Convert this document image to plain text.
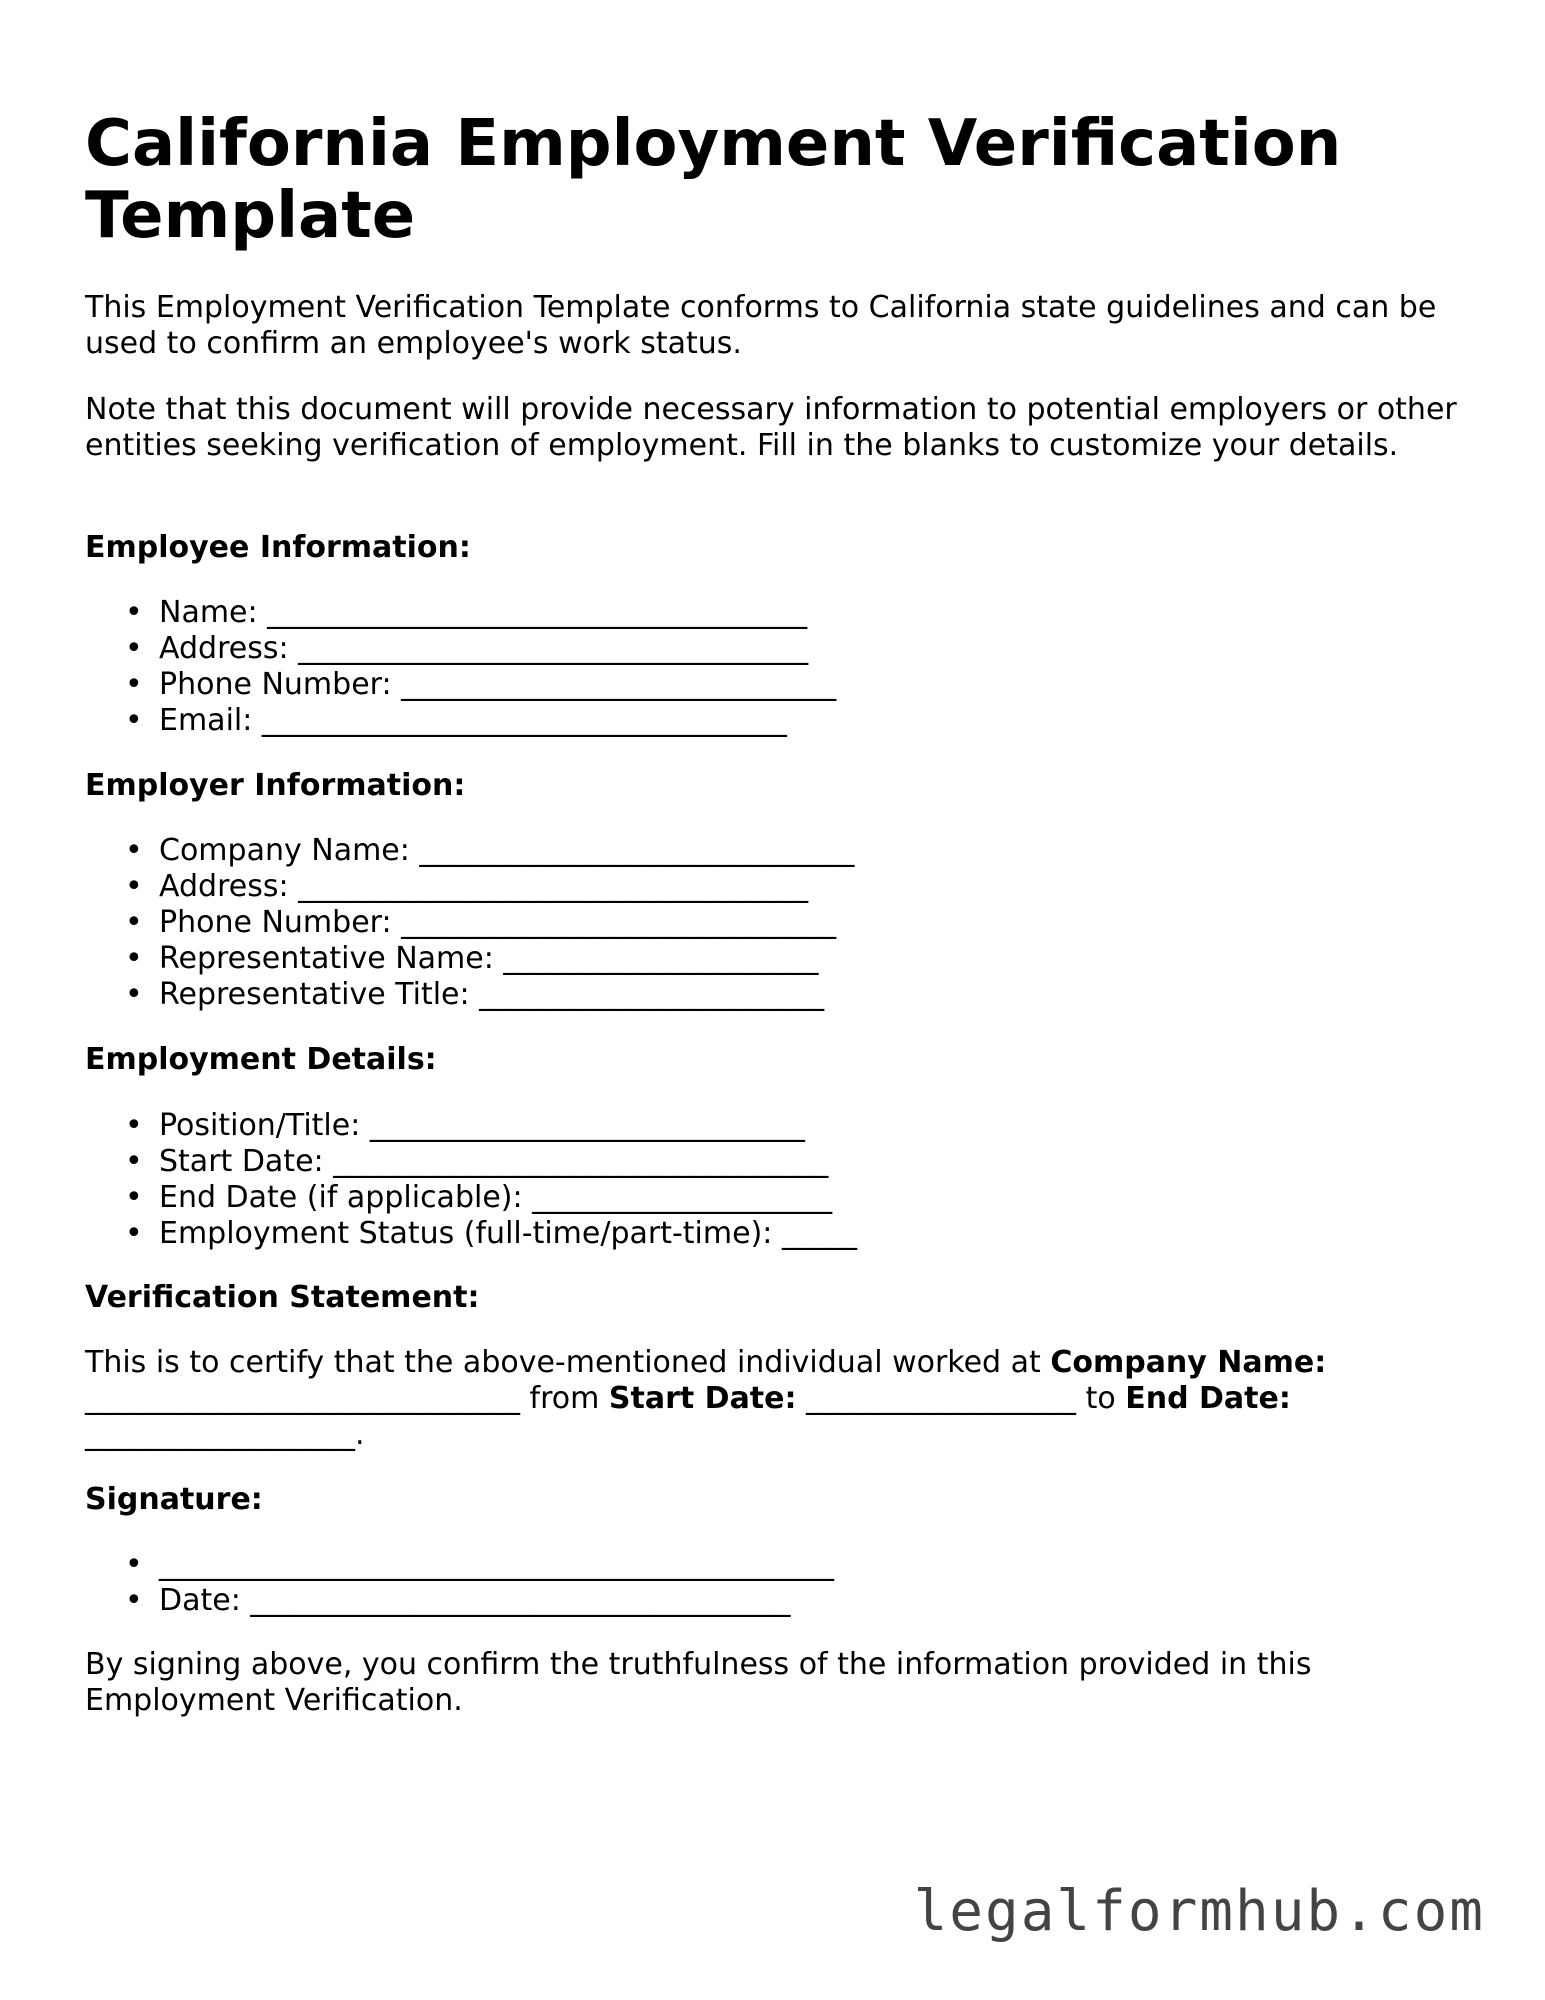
California Employment Verification Template

This Employment Verification Template conforms to California state guidelines and can be used to confirm an employee's work status.

Note that this document will provide necessary information to potential employers or other entities seeking verification of employment. Fill in the blanks to customize your details.

Employee Information:
• Name: ____________________________________
• Address: __________________________________
• Phone Number: _____________________________
• Email: ___________________________________
Employer Information:
• Company Name: _____________________________
• Address: __________________________________
• Phone Number: _____________________________
• Representative Name: _____________________
• Representative Title: _______________________
Employment Details:
• Position/Title: _____________________________
• Start Date: _________________________________
• End Date (if applicable): ____________________
• Employment Status (full-time/part-time): _____
Verification Statement:

This is to certify that the above-mentioned individual worked at Company Name:
_____________________________ from Start Date: __________________ to End Date:
__________________.

Signature:
• _____________________________________________
• Date: ____________________________________

By signing above, you confirm the truthfulness of the information provided in this Employment Verification.

legalformhub.com
